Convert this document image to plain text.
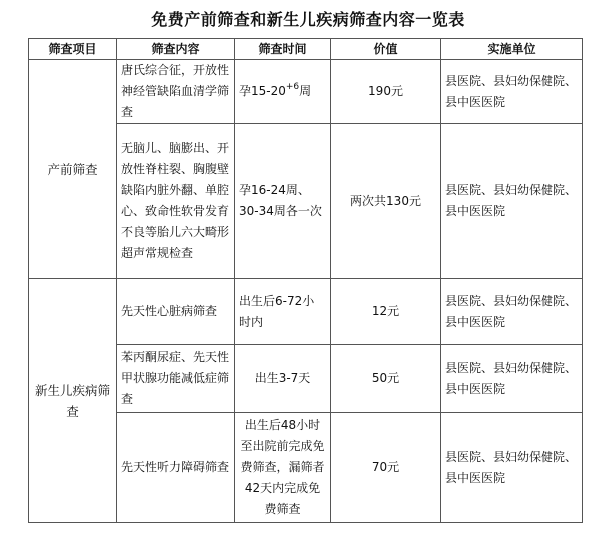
免费产前筛查和新生儿疾病筛查内容一览表
筛查项目	筛查内容	筛查时间	价值	实施单位
产前筛查	唐氏综合征，开放性神经管缺陷血清学筛查	孕$15-20^{+6}$周	190元	县医院、县妇幼保健院、县中医医院
	无脑儿、脑膨出、开放性脊柱裂、胸腹壁缺陷内脏外翻、单腔心、致命性软骨发育不良等胎儿六大畸形超声常规检查	孕16-24周、30-34周各一次	两次共130元	县医院、县妇幼保健院、县中医医院
新生儿疾病筛查	先天性心脏病筛查	出生后6-72小时内	12元	县医院、县妇幼保健院、县中医医院
	苯丙酮尿症、先天性甲状腺功能减低症筛查	出生3-7天	50元	县医院、县妇幼保健院、县中医医院
	先天性听力障碍筛查	出生后48小时至出院前完成免费筛查，漏筛者42天内完成免费筛查	70元	县医院、县妇幼保健院、县中医医院
